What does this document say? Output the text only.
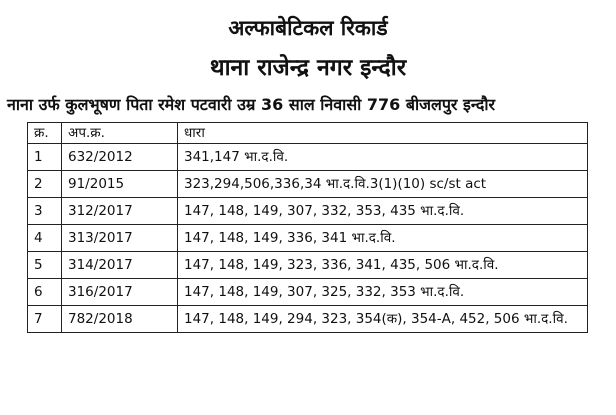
अल्फाबेटिकल रिकार्ड
थाना राजेन्द्र नगर इन्दौर
नाना उर्फ कुलभूषण पिता रमेश पटवारी उम्र 36 साल निवासी 776 बीजलपुर इन्दौर
क्र.	अप.क्र.	धारा
1	632/2012	341,147 भा.द.वि.
2	91/2015	323,294,506,336,34 भा.द.वि.3(1)(10) sc/st act
3	312/2017	147, 148, 149, 307, 332, 353, 435 भा.द.वि.
4	313/2017	147, 148, 149, 336, 341 भा.द.वि.
5	314/2017	147, 148, 149, 323, 336, 341, 435, 506 भा.द.वि.
6	316/2017	147, 148, 149, 307, 325, 332, 353 भा.द.वि.
7	782/2018	147, 148, 149, 294, 323, 354(क), 354-A, 452, 506 भा.द.वि.
